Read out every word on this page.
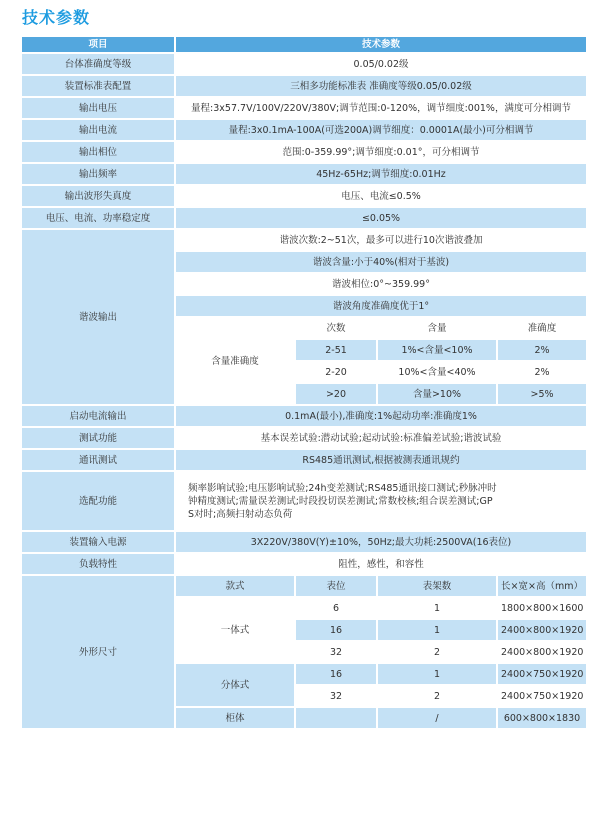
技术参数
项目	技术参数			
台体准确度等级	0.05/0.02级			
装置标准表配置	三相多功能标准表 准确度等级0.05/0.02级			
输出电压	量程:3x57.7V/100V/220V/380V;调节范围:0-120%，调节细度:001%，满度可分相调节			
输出电流	量程:3x0.1mA-100A(可选200A)调节细度：0.0001A(最小)可分相调节			
输出相位	范围:0-359.99°;调节细度:0.01°，可分相调节			
输出频率	45Hz-65Hz;调节细度:0.01Hz			
输出波形失真度	电压、电流≤0.5%			
电压、电流、功率稳定度	≤0.05%			
谐波输出	谐波次数:2~51次，最多可以进行10次谐波叠加			
	谐波含量:小于40%(相对于基波)			
	谐波相位:0°~359.99°			
	谐波角度准确度优于1°			
	含量准确度	次数	含量	准确度
		2-51	1%<含量<10%	2%
		2-20	10%<含量<40%	2%
		>20	含量>10%	>5%
启动电流输出	0.1mA(最小),准确度:1%起动功率:准确度1%			
测试功能	基本误差试验:潜动试验;起动试验:标准偏差试验;谐波试验			
通讯测试	RS485通讯测试,根据被测表通讯规约			
选配功能	频率影响试验;电压影响试验;24h变差测试;RS485通讯接口测试;秒脉冲时
钟精度测试;需量误差测试;时段投切误差测试;常数校核;组合误差测试;GP
S对时;高频扫射动态负荷			

装置输入电源	3X220V/380V(Y)±10%，50Hz;最大功耗:2500VA(16表位)			
负载特性	阻性，感性，和容性			
外形尺寸	款式	表位	表架数	长×宽×高（mm）
	一体式	6	1	1800×800×1600
		16	1	2400×800×1920
		32	2	2400×800×1920
	分体式	16	1	2400×750×1920
		32	2	2400×750×1920
	柜体		/	600×800×1830
